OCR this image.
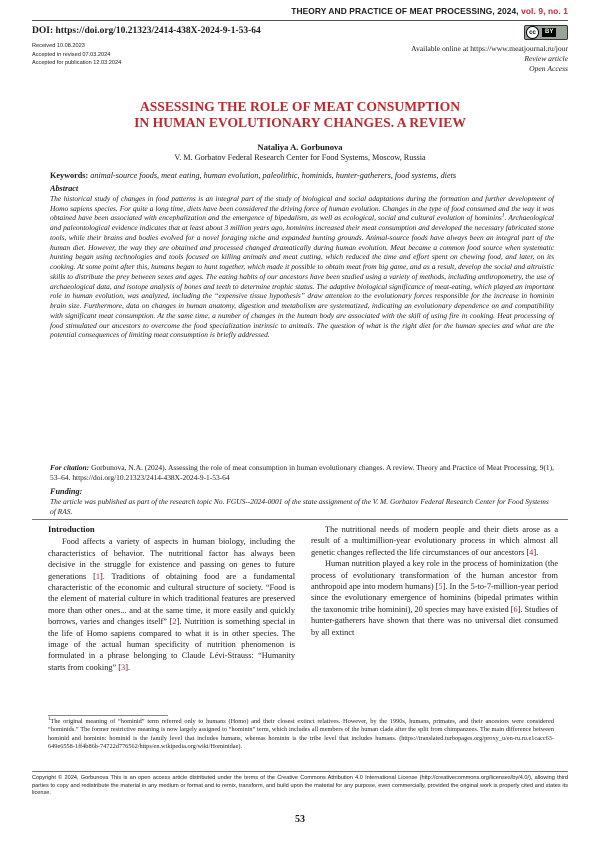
THEORY AND PRACTICE OF MEAT PROCESSING, 2024, vol. 9, no. 1
DOI: https://doi.org/10.21323/2414-438X-2024-9-1-53-64	cc	BY
Received 10.08.2023
Accepted in revised 07.03.2024
Accepted for publication 12.03.2024
Available online at https://www.meatjournal.ru/jour
Review article
Open Access
ASSESSING THE ROLE OF MEAT CONSUMPTION
IN HUMAN EVOLUTIONARY CHANGES. A REVIEW
Nataliya A. Gorbunova
V. M. Gorbatov Federal Research Center for Food Systems, Moscow, Russia
Keywords: animal-source foods, meat eating, human evolution, paleolithic, hominids, hunter-gatherers, food systems, diets
Abstract
The historical study of changes in food patterns is an integral part of the study of biological and social adaptations during the formation and further development of Homo sapiens species. For quite a long time, diets have been considered the driving force of human evolution. Changes in the type of food consumed and the way it was obtained have been associated with encephalization and the emergence of bipedalism, as well as ecological, social and cultural evolution of hominins$^1$. Archaeological and paleontological evidence indicates that at least about 3 million years ago, hominins increased their meat consumption and developed the necessary fabricated stone tools, while their brains and bodies evolved for a novel foraging niche and expanded hunting grounds. Animal-source foods have always been an integral part of the human diet. However, the way they are obtained and processed changed dramatically during human evolution. Meat became a common food source when systematic hunting began using technologies and tools focused on killing animals and meat cutting, which reduced the time and effort spent on chewing food, and later, on its cooking. At some point after this, humans began to hunt together, which made it possible to obtain meat from big game, and as a result, develop the social and altruistic skills to distribute the prey between sexes and ages. The eating habits of our ancestors have been studied using a variety of methods, including anthropometry, the use of archaeological data, and isotope analysis of bones and teeth to determine trophic status. The adaptive biological significance of meat-eating, which played an important role in human evolution, was analyzed, including the “expensive tissue hypothesis” draw attention to the evolutionary forces responsible for the increase in hominin brain size. Furthermore, data on changes in human anatomy, digestion and metabolism are systematized, indicating an evolutionary dependence on and compatibility with significant meat consumption. At the same time, a number of changes in the human body are associated with the skill of using fire in cooking. Heat processing of food stimulated our ancestors to overcome the food specialization intrinsic to animals. The question of what is the right diet for the human species and what are the potential consequences of limiting meat consumption is briefly addressed.
For citation: Gorbunova, N.A. (2024). Assessing the role of meat consumption in human evolutionary changes. A review. Theory and Practice of Meat Processing, 9(1), 53–64. https://doi.org/10.21323/2414-438X-2024-9-1-53-64
Funding:
The article was published as part of the research topic No. FGUS--2024-0001 of the state assignment of the V. M. Gorbatov Federal Research Center for Food Systems of RAS.
Introduction

Food affects a variety of aspects in human biology, including the characteristics of behavior. The nutritional factor has always been decisive in the struggle for existence and passing on genes to future generations [1]. Traditions of obtaining food are a fundamental characteristic of the economic and cultural structure of society. “Food is the element of material culture in which traditional features are preserved more than other ones... and at the same time, it more easily and quickly borrows, varies and changes itself” [2]. Nutrition is something special in the life of Homo sapiens compared to what it is in other species. The image of the actual human specificity of nutrition phenomenon is formulated in a phrase belonging to Claude Lévi-Strauss: “Humanity starts from cooking” [3].

The nutritional needs of modern people and their diets arose as a result of a multimillion-year evolutionary process in which almost all genetic changes reflected the life circumstances of our ancestors [4].

Human nutrition played a key role in the process of hominization (the process of evolutionary transformation of the human ancestor from anthropoid ape into modern humans) [5]. In the 5-to-7-million-year period since the evolutionary emergence of hominins (bipedal primates within the taxonomic tribe hominini), 20 species may have existed [6]. Studies of hunter-gatherers have shown that there was no universal diet consumed by all extinct

$^1$The original meaning of “hominid” term referred only to humans (Homo) and their closest extinct relatives. However, by the 1990s, humans, primates, and their ancestors were considered “hominids.” The former restrictive meaning is now largely assigned to “hominin” term, which includes all members of the human clade after the split from chimpanzees. The main difference between hominid and hominin: hominid is the family level that includes humans, whereas hominin is the tribe level that includes humans. (https://translated.turbopages.org/proxy_u/en-ru.ru.e1cacc63-649e6558-1ff4b86b-74722d776562/https/en.wikipedia.org/wiki/Hominidae).
Copyright © 2024, Gorbunova This is an open access article distributed under the terms of the Creative Commons Attribution 4.0 International License (http://creativecommons.org/licenses/by/4.0/), allowing third parties to copy and redistribute the material in any medium or format and to remix, transform, and build upon the material for any purpose, even commercially, provided the original work is properly cited and states its license.
53
